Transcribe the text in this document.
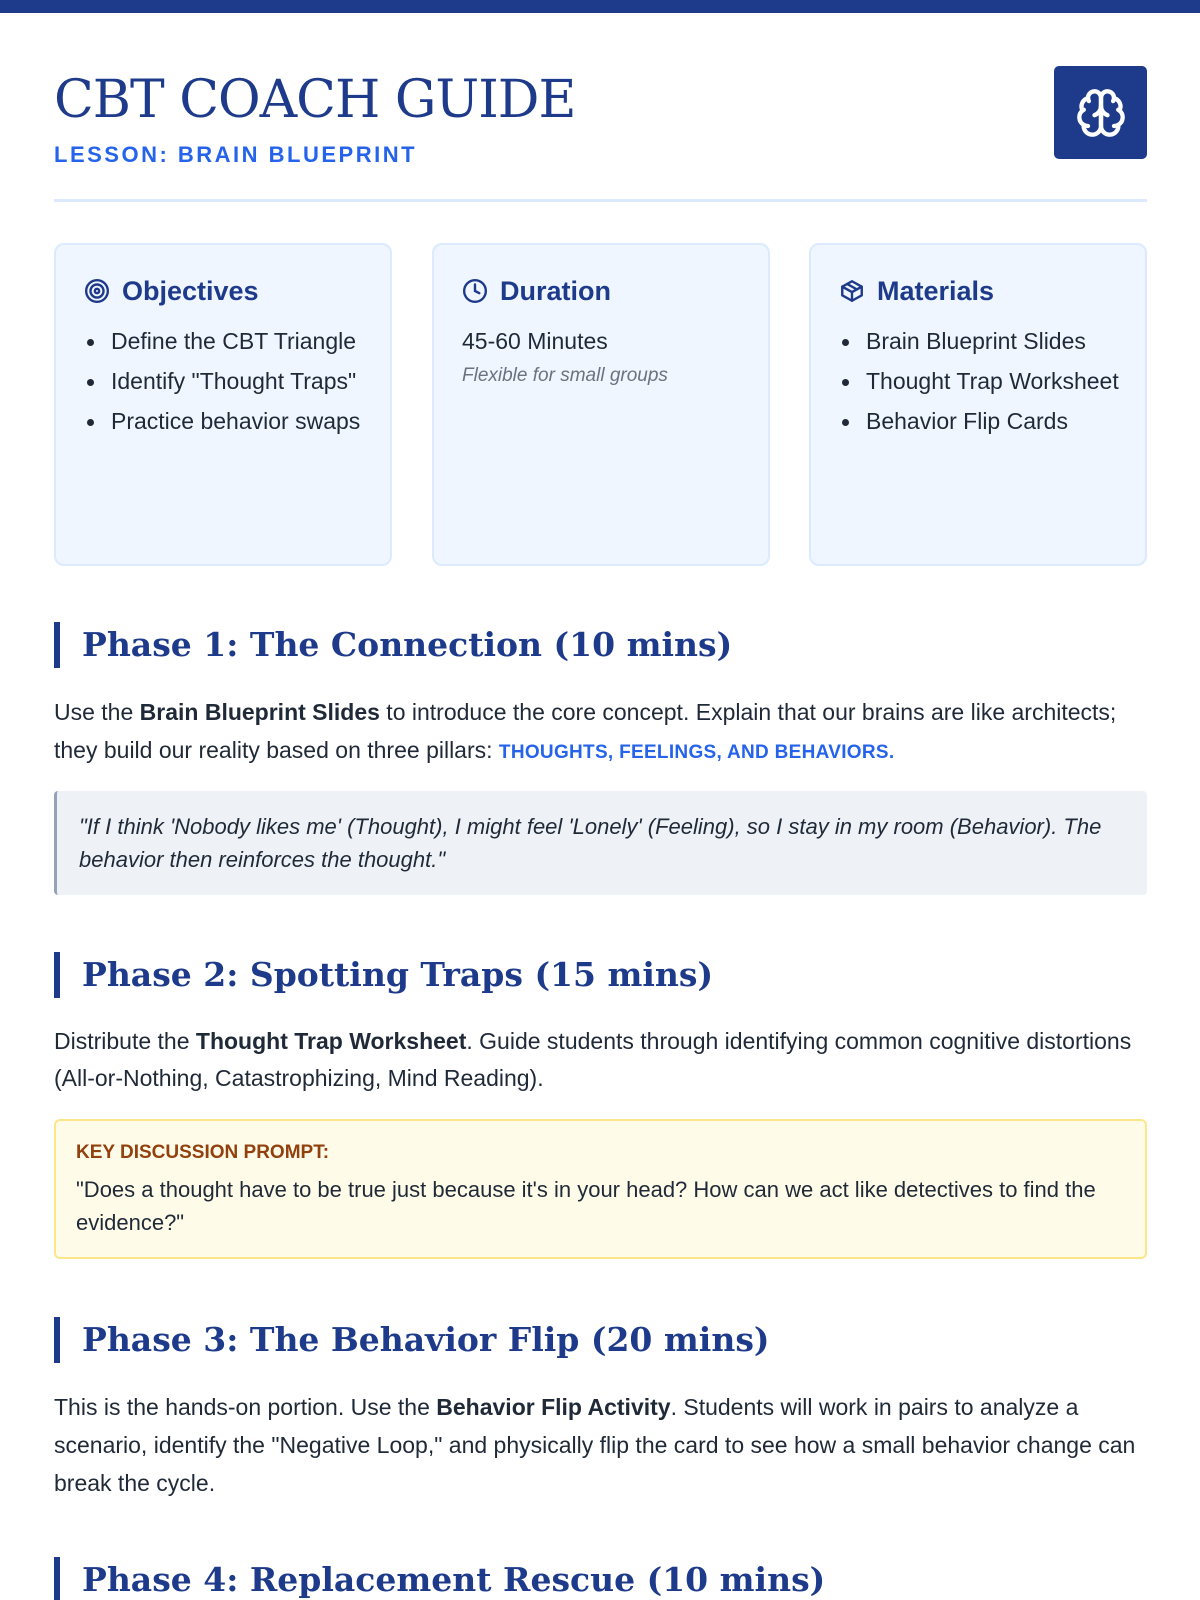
CBT COACH GUIDE
LESSON: BRAIN BLUEPRINT
Objectives
Define the CBT Triangle
Identify "Thought Traps"
Practice behavior swaps
Duration
45-60 Minutes
Flexible for small groups
Materials
Brain Blueprint Slides
Thought Trap Worksheet
Behavior Flip Cards
Phase 1: The Connection (10 mins)

Use the Brain Blueprint Slides to introduce the core concept. Explain that our brains are like architects; they build our reality based on three pillars: THOUGHTS, FEELINGS, AND BEHAVIORS.

"If I think 'Nobody likes me' (Thought), I might feel 'Lonely' (Feeling), so I stay in my room (Behavior). The behavior then reinforces the thought."
Phase 2: Spotting Traps (15 mins)

Distribute the Thought Trap Worksheet. Guide students through identifying common cognitive distortions (All-or-Nothing, Catastrophizing, Mind Reading).

KEY DISCUSSION PROMPT:
"Does a thought have to be true just because it's in your head? How can we act like detectives to find the evidence?"
Phase 3: The Behavior Flip (20 mins)

This is the hands-on portion. Use the Behavior Flip Activity. Students will work in pairs to analyze a scenario, identify the "Negative Loop," and physically flip the card to see how a small behavior change can break the cycle.

Phase 4: Replacement Rescue (10 mins)
